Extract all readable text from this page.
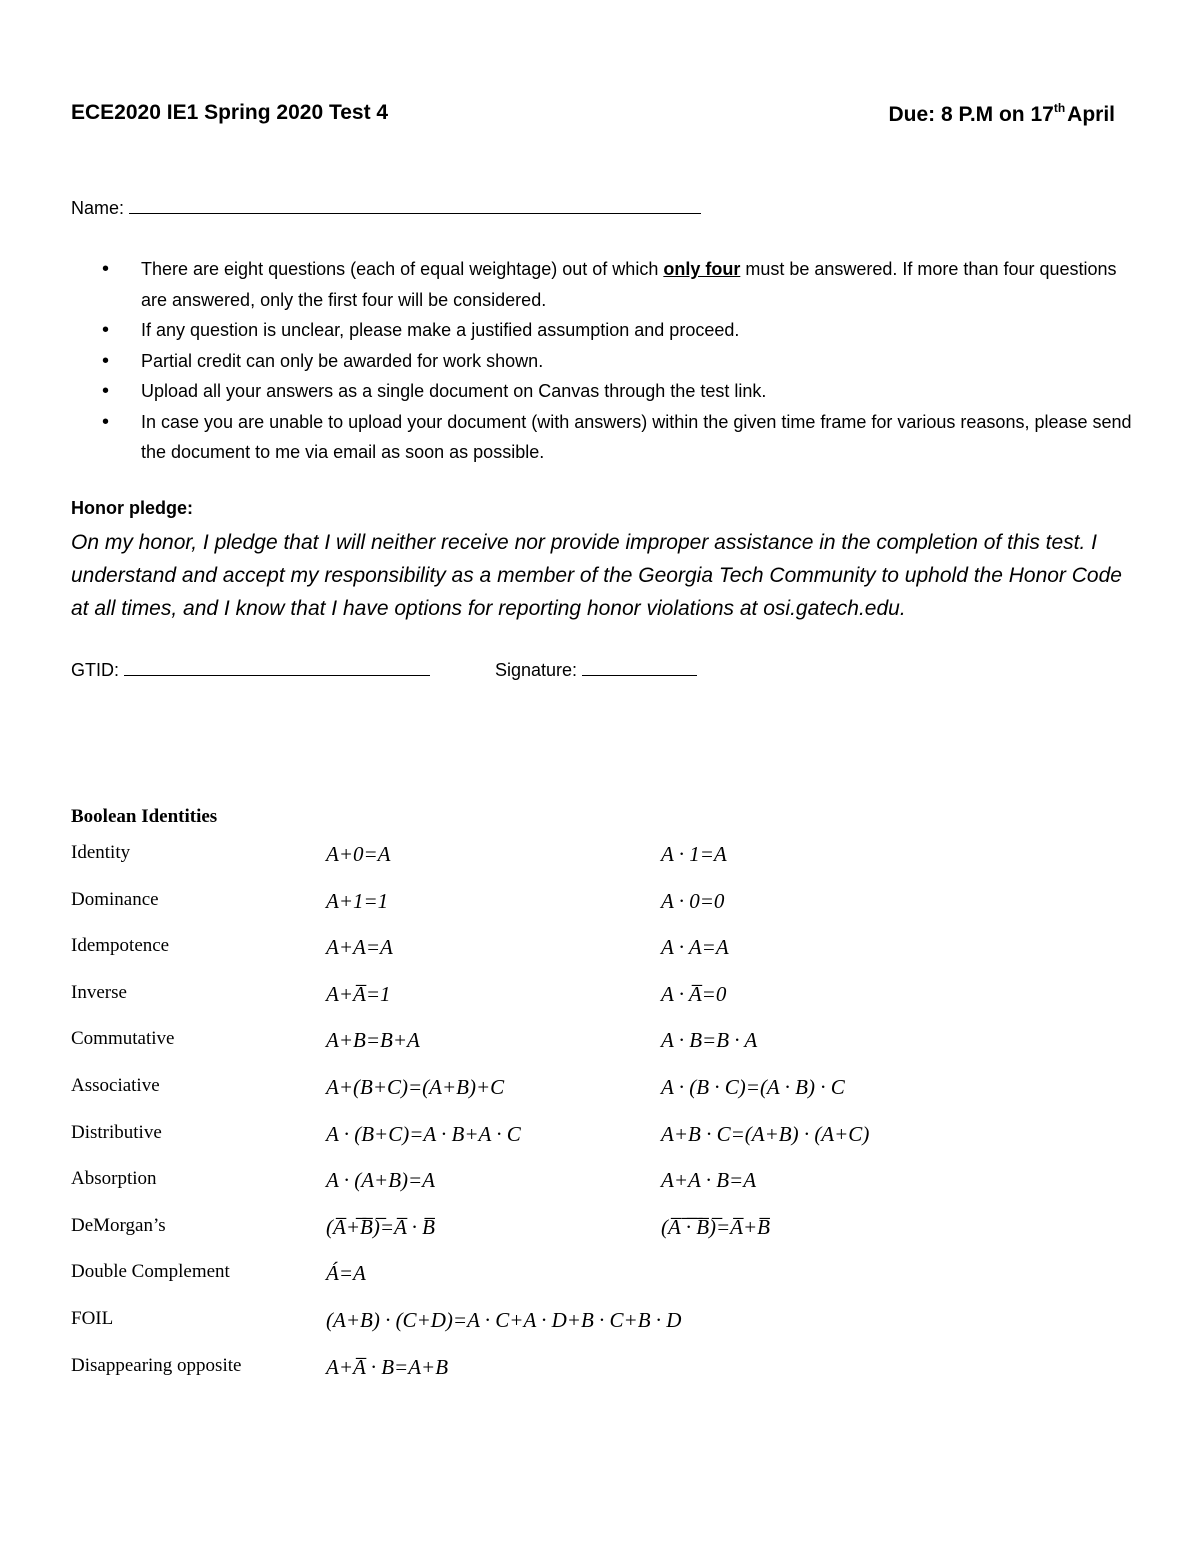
ECE2020 IE1 Spring 2020 Test 4	Due: 8 P.M on 17thApril
Name:
• There are eight questions (each of equal weightage) out of which only four must be answered. If more than four questions are answered, only the first four will be considered.
• If any question is unclear, please make a justified assumption and proceed.
• Partial credit can only be awarded for work shown.
• Upload all your answers as a single document on Canvas through the test link.
• In case you are unable to upload your document (with answers) within the given time frame for various reasons, please send the document to me via email as soon as possible.
Honor pledge:
On my honor, I pledge that I will neither receive nor provide improper assistance in the completion of this test. I understand and accept my responsibility as a member of the Georgia Tech Community to uphold the Honor Code at all times, and I know that I have options for reporting honor violations at osi.gatech.edu.
GTID:	Signature:
Boolean Identities
Identity	A+0=A	A · 1=A
Dominance	A+1=1	A · 0=0
Idempotence	A+A=A	A · A=A
Inverse	A+A̅=1	A · A̅=0
Commutative	A+B=B+A	A · B=B · A
Associative	A+(B+C)=(A+B)+C	A · (B · C)=(A · B) · C
Distributive	A · (B+C)=A · B+A · C	A+B · C=(A+B) · (A+C)
Absorption	A · (A+B)=A	A+A · B=A
DeMorgan’s	(A̅+̅B̅)̅=A̅ · B̅	(A̅ ̅·̅ ̅B̅)̅=A̅+B̅
Double Complement	Á=A
FOIL	(A+B) · (C+D)=A · C+A · D+B · C+B · D
Disappearing opposite	A+A̅ · B=A+B
